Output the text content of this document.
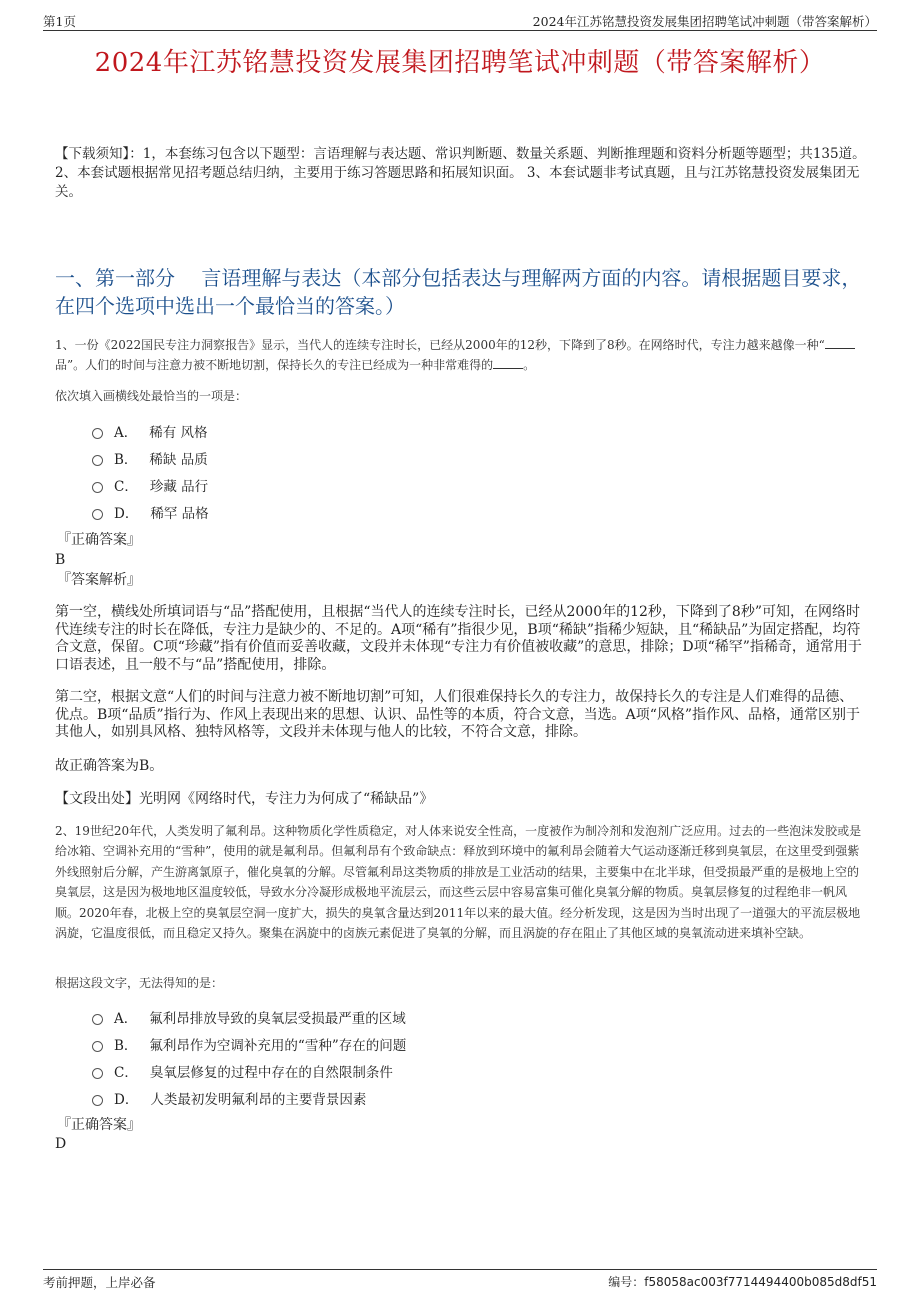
第1页	2024年江苏铭慧投资发展集团招聘笔试冲刺题（带答案解析）
2024年江苏铭慧投资发展集团招聘笔试冲刺题（带答案解析）

【下载须知】：1，本套练习包含以下题型：言语理解与表达题、常识判断题、数量关系题、判断推理题和资料分析题等题型；共135道。 2、本套试题根据常见招考题总结归纳，主要用于练习答题思路和拓展知识面。 3、本套试题非考试真题，且与江苏铭慧投资发展集团无关。

一、第一部分　 言语理解与表达（本部分包括表达与理解两方面的内容。请根据题目要求，在四个选项中选出一个最恰当的答案。）

1、一份《2022国民专注力洞察报告》显示，当代人的连续专注时长，已经从2000年的12秒，下降到了8秒。在网络时代，专注力越来越像一种“品”。人们的时间与注意力被不断地切割，保持长久的专注已经成为一种非常难得的	。

依次填入画横线处最恰当的一项是：

A． 稀有 风格
B． 稀缺 品质
C． 珍藏 品行
D． 稀罕 品格

『正确答案』

B

『答案解析』

第一空，横线处所填词语与“品”搭配使用，且根据“当代人的连续专注时长，已经从2000年的12秒，下降到了8秒”可知，在网络时代连续专注的时长在降低，专注力是缺少的、不足的。A项“稀有”指很少见，B项“稀缺”指稀少短缺，且“稀缺品”为固定搭配，均符合文意，保留。C项“珍藏”指有价值而妥善收藏，文段并未体现“专注力有价值被收藏”的意思，排除；D项“稀罕”指稀奇，通常用于口语表述，且一般不与“品”搭配使用，排除。

第二空，根据文意“人们的时间与注意力被不断地切割”可知，人们很难保持长久的专注力，故保持长久的专注是人们难得的品德、优点。B项“品质”指行为、作风上表现出来的思想、认识、品性等的本质，符合文意，当选。A项“风格”指作风、品格，通常区别于其他人，如别具风格、独特风格等，文段并未体现与他人的比较，不符合文意，排除。

故正确答案为B。

【文段出处】光明网《网络时代，专注力为何成了“稀缺品”》

2、19世纪20年代，人类发明了氟利昂。这种物质化学性质稳定，对人体来说安全性高，一度被作为制冷剂和发泡剂广泛应用。过去的一些泡沫发胶或是给冰箱、空调补充用的“雪种”，使用的就是氟利昂。但氟利昂有个致命缺点：释放到环境中的氟利昂会随着大气运动逐渐迁移到臭氧层，在这里受到强紫外线照射后分解，产生游离氯原子，催化臭氧的分解。尽管氟利昂这类物质的排放是工业活动的结果，主要集中在北半球，但受损最严重的是极地上空的臭氧层，这是因为极地地区温度较低，导致水分冷凝形成极地平流层云，而这些云层中容易富集可催化臭氧分解的物质。臭氧层修复的过程绝非一帆风顺。2020年春，北极上空的臭氧层空洞一度扩大，损失的臭氧含量达到2011年以来的最大值。经分析发现，这是因为当时出现了一道强大的平流层极地涡旋，它温度很低，而且稳定又持久。聚集在涡旋中的卤族元素促进了臭氧的分解，而且涡旋的存在阻止了其他区域的臭氧流动进来填补空缺。

根据这段文字，无法得知的是：

A． 氟利昂排放导致的臭氧层受损最严重的区域
B． 氟利昂作为空调补充用的“雪种”存在的问题
C． 臭氧层修复的过程中存在的自然限制条件
D． 人类最初发明氟利昂的主要背景因素

『正确答案』

D

考前押题，上岸必备	编号：f58058ac003f7714494400b085d8df51
